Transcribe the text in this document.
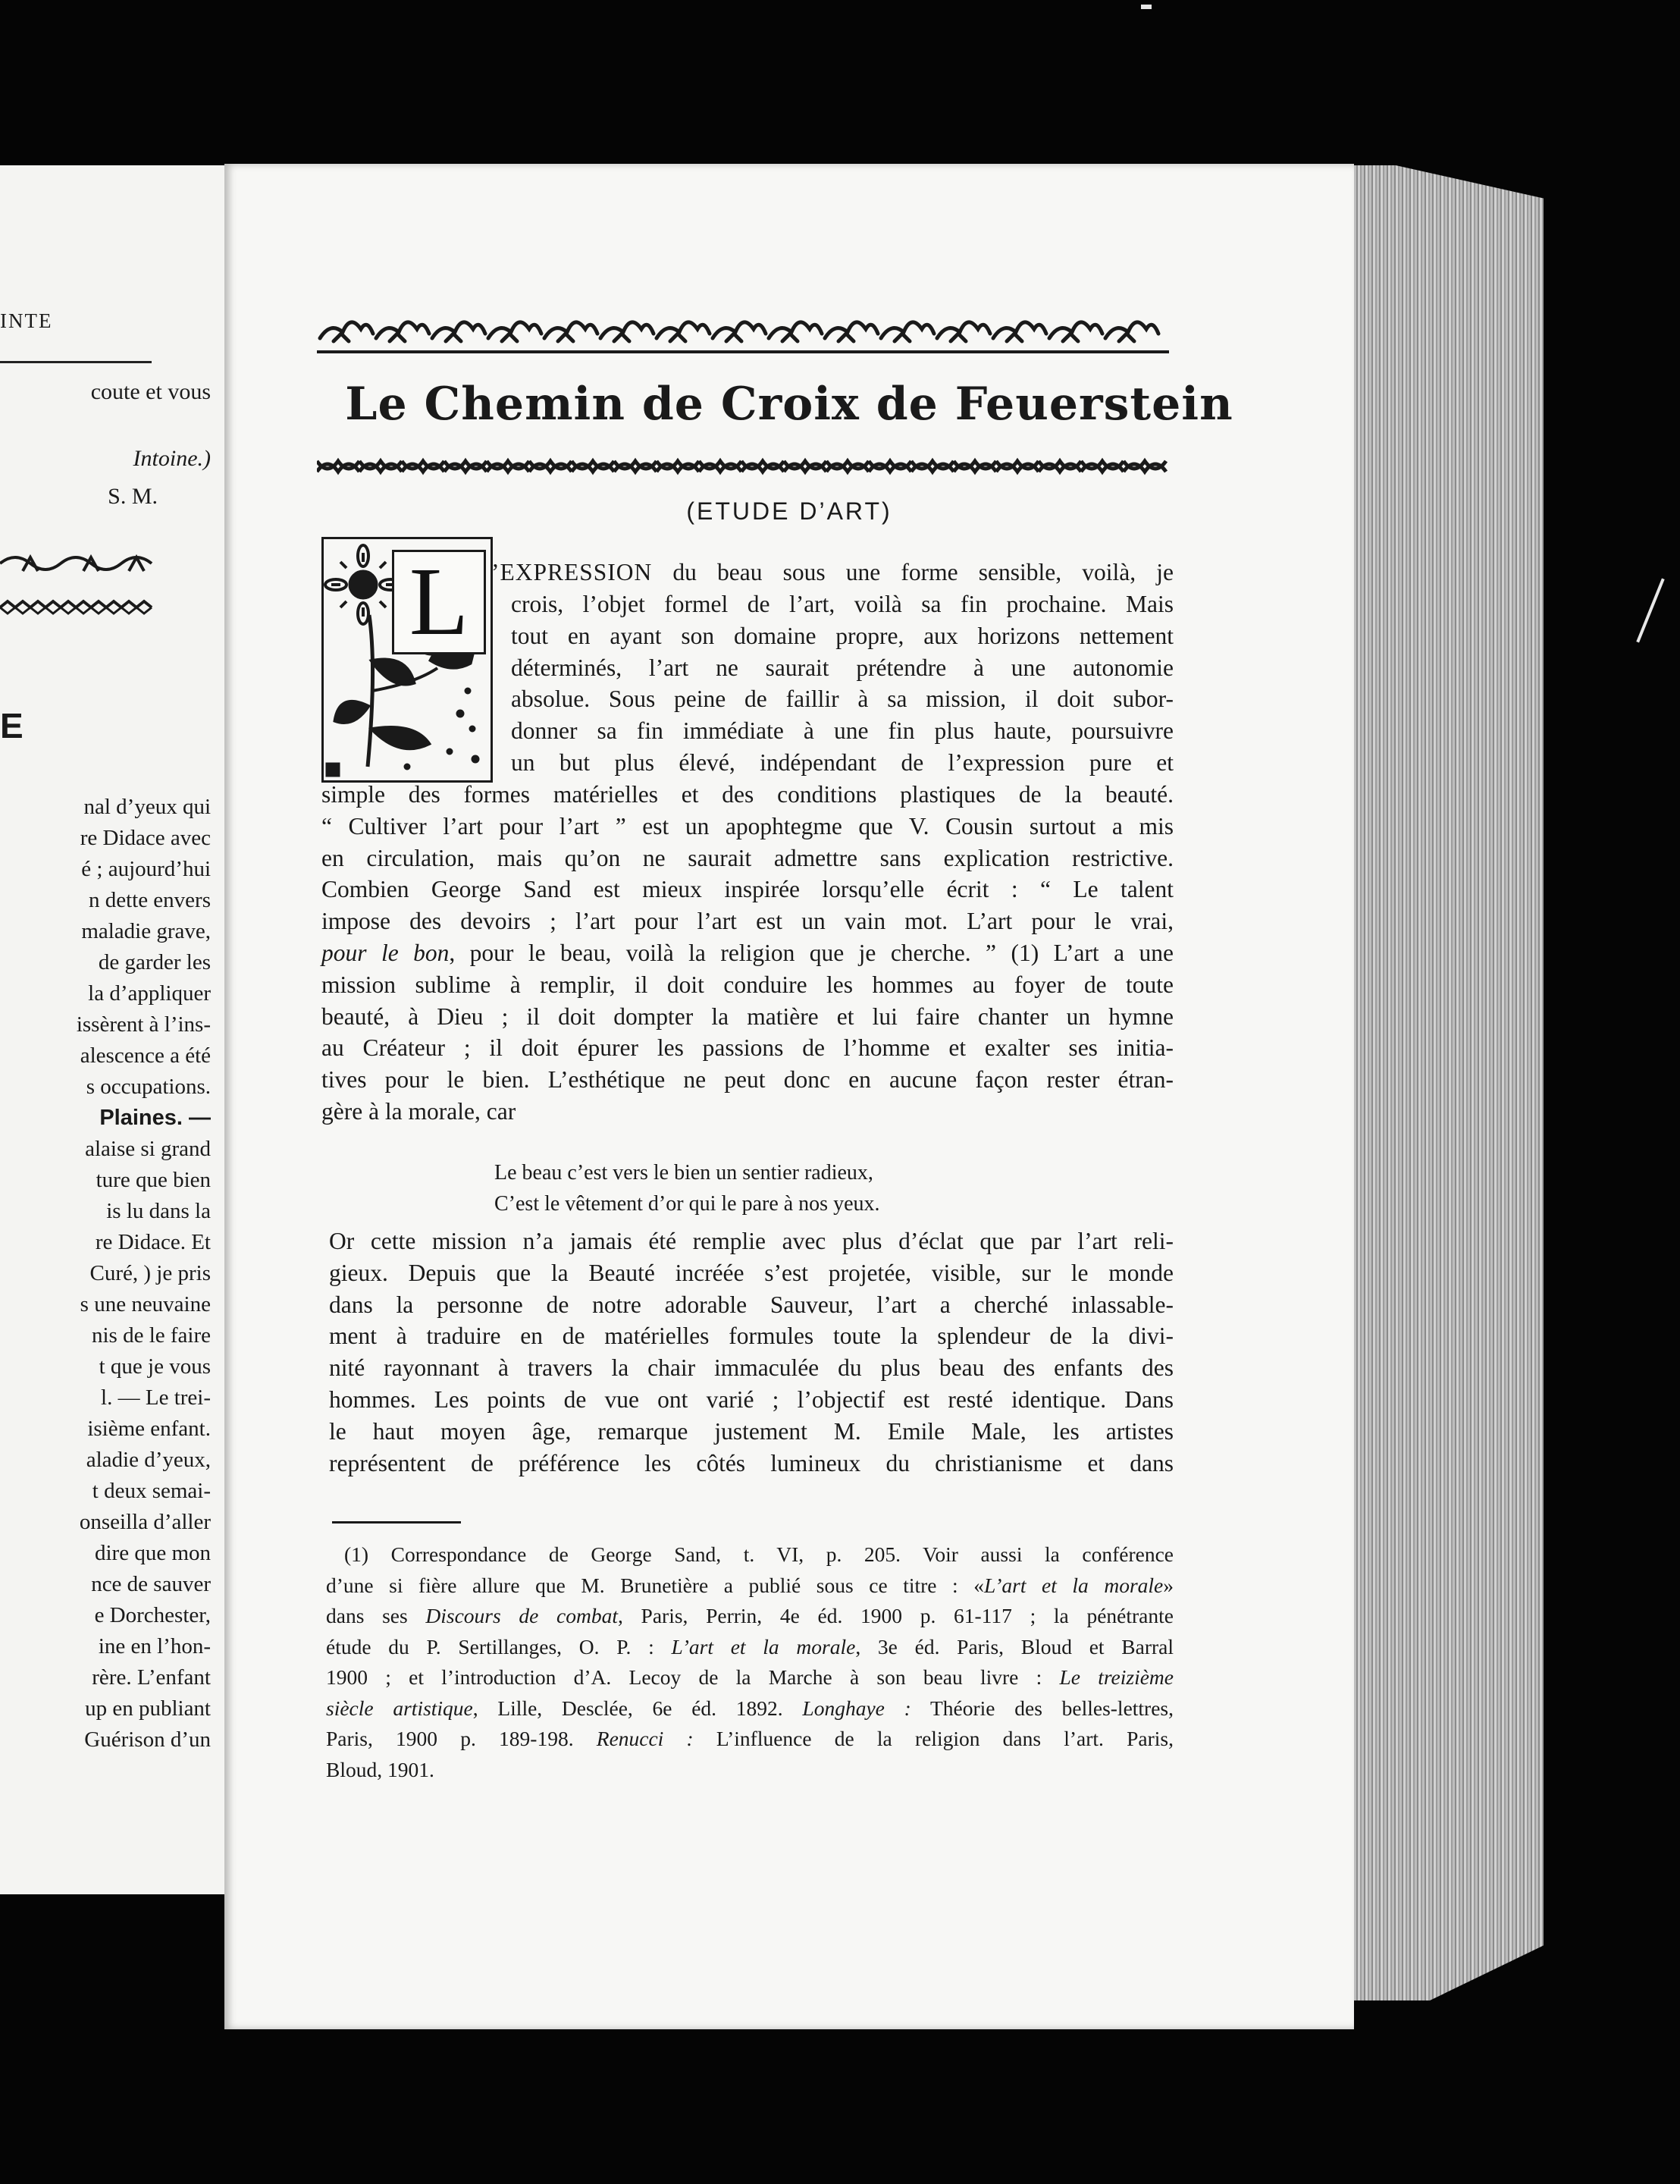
INTE
coute et vous
Intoine.)
S. M.
E
nal d’yeux qui
re Didace avec
é ; aujourd’hui
n dette envers
maladie grave,
de garder les
la d’appliquer
issèrent à l’ins-
alescence a été
s occupations.
Plaines. —
alaise si grand
ture que bien
is lu dans la
re Didace. Et
Curé, ) je pris
s une neuvaine
nis de le faire
t que je vous
l. — Le trei-
isième enfant.
aladie d’yeux,
t deux semai-
onseilla d’aller
dire que mon
nce de sauver
e Dorchester,
ine en l’hon-
rère. L’enfant
up en publiant
Guérison d’un
Le Chemin de Croix de Feuerstein
(ETUDE D’ART)
L ’EXPRESSION du beau sous une forme sensible, voilà, je
crois, l’objet formel de l’art, voilà sa fin prochaine. Mais
tout en ayant son domaine propre, aux horizons nettement
déterminés, l’art ne saurait prétendre à une autonomie
absolue. Sous peine de faillir à sa mission, il doit subor-
donner sa fin immédiate à une fin plus haute, poursuivre
un but plus élevé, indépendant de l’expression pure et
simple des formes matérielles et des conditions plastiques de la beauté.
“ Cultiver l’art pour l’art ” est un apophtegme que V. Cousin surtout a mis
en circulation, mais qu’on ne saurait admettre sans explication restrictive.
Combien George Sand est mieux inspirée lorsqu’elle écrit : “ Le talent
impose des devoirs ; l’art pour l’art est un vain mot. L’art pour le vrai,
pour le bon, pour le beau, voilà la religion que je cherche. ” (1) L’art a une
mission sublime à remplir, il doit conduire les hommes au foyer de toute
beauté, à Dieu ; il doit dompter la matière et lui faire chanter un hymne
au Créateur ; il doit épurer les passions de l’homme et exalter ses initia-
tives pour le bien. L’esthétique ne peut donc en aucune façon rester étran-
gère à la morale, car
Le beau c’est vers le bien un sentier radieux,
C’est le vêtement d’or qui le pare à nos yeux.
Or cette mission n’a jamais été remplie avec plus d’éclat que par l’art reli-
gieux. Depuis que la Beauté incréée s’est projetée, visible, sur le monde
dans la personne de notre adorable Sauveur, l’art a cherché inlassable-
ment à traduire en de matérielles formules toute la splendeur de la divi-
nité rayonnant à travers la chair immaculée du plus beau des enfants des
hommes. Les points de vue ont varié ; l’objectif est resté identique. Dans
le haut moyen âge, remarque justement M. Emile Male, les artistes
représentent de préférence les côtés lumineux du christianisme et dans
(1) Correspondance de George Sand, t. VI, p. 205. Voir aussi la conférence
d’une si fière allure que M. Brunetière a publié sous ce titre : «L’art et la morale»
dans ses Discours de combat, Paris, Perrin, 4e éd. 1900 p. 61-117 ; la pénétrante
étude du P. Sertillanges, O. P. : L’art et la morale, 3e éd. Paris, Bloud et Barral
1900 ; et l’introduction d’A. Lecoy de la Marche à son beau livre : Le treizième
siècle artistique, Lille, Desclée, 6e éd. 1892. Longhaye : Théorie des belles-lettres,
Paris, 1900 p. 189-198. Renucci : L’influence de la religion dans l’art. Paris,
Bloud, 1901.
